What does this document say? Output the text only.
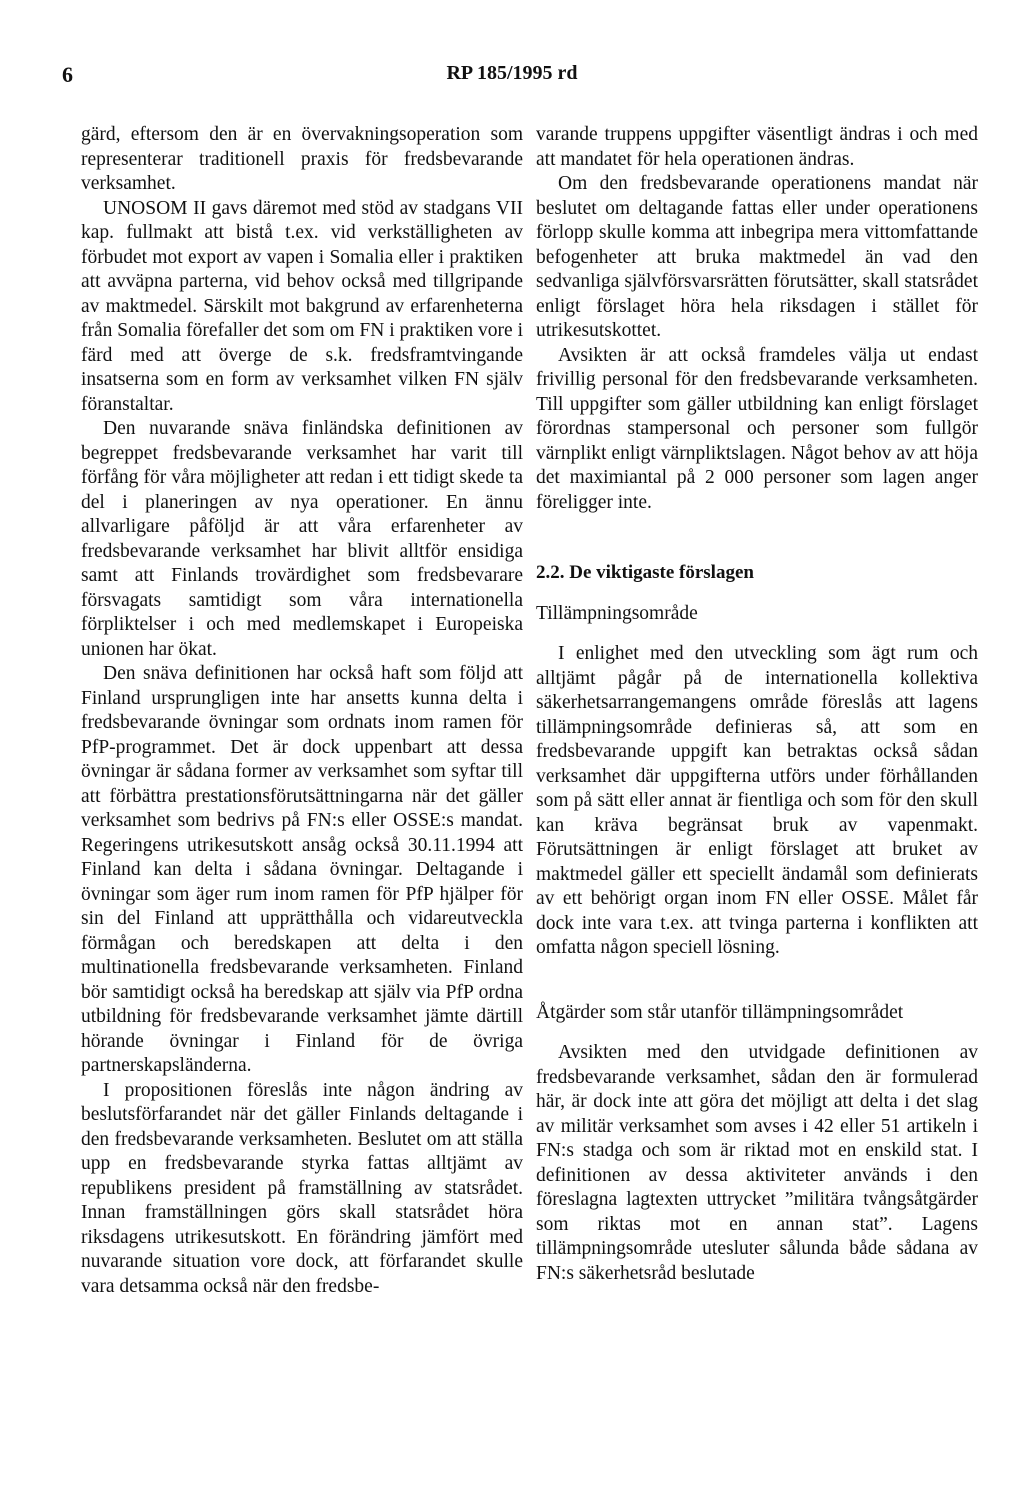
6	RP 185/1995 rd

gärd, eftersom den är en övervakningsoperation som representerar traditionell praxis för fredsbevarande verksamhet.

UNOSOM II gavs däremot med stöd av stadgans VII kap. fullmakt att bistå t.ex. vid verkställigheten av förbudet mot export av vapen i Somalia eller i praktiken att avväpna parterna, vid behov också med tillgripande av maktmedel. Särskilt mot bakgrund av erfarenheterna från Somalia förefaller det som om FN i praktiken vore i färd med att överge de s.k. fredsframtvingande insatserna som en form av verksamhet vilken FN själv föranstaltar.

Den nuvarande snäva finländska definitionen av begreppet fredsbevarande verksamhet har varit till förfång för våra möjligheter att redan i ett tidigt skede ta del i planeringen av nya operationer. En ännu allvarligare påföljd är att våra erfarenheter av fredsbevarande verksamhet har blivit alltför ensidiga samt att Finlands trovärdighet som fredsbevarare försvagats samtidigt som våra internationella förpliktelser i och med medlemskapet i Europeiska unionen har ökat.

Den snäva definitionen har också haft som följd att Finland ursprungligen inte har ansetts kunna delta i fredsbevarande övningar som ordnats inom ramen för PfP-programmet. Det är dock uppenbart att dessa övningar är sådana former av verksamhet som syftar till att förbättra prestationsförutsättningarna när det gäller verksamhet som bedrivs på FN:s eller OSSE:s mandat. Regeringens utrikesutskott ansåg också 30.11.1994 att Finland kan delta i sådana övningar. Deltagande i övningar som äger rum inom ramen för PfP hjälper för sin del Finland att upprätthålla och vidareutveckla förmågan och beredskapen att delta i den multinationella fredsbevarande verksamheten. Finland bör samtidigt också ha beredskap att själv via PfP ordna utbildning för fredsbevarande verksamhet jämte därtill hörande övningar i Finland för de övriga partnerskapsländerna.

I propositionen föreslås inte någon ändring av beslutsförfarandet när det gäller Finlands deltagande i den fredsbevarande verksamheten. Beslutet om att ställa upp en fredsbevarande styrka fattas alltjämt av republikens president på framställning av statsrådet. Innan framställningen görs skall statsrådet höra riksdagens utrikesutskott. En förändring jämfört med nuvarande situation vore dock, att förfarandet skulle vara detsamma också när den fredsbe-

varande truppens uppgifter väsentligt ändras i och med att mandatet för hela operationen ändras.

Om den fredsbevarande operationens mandat när beslutet om deltagande fattas eller under operationens förlopp skulle komma att inbegripa mera vittomfattande befogenheter att bruka maktmedel än vad den sedvanliga självförsvarsrätten förutsätter, skall statsrådet enligt förslaget höra hela riksdagen i stället för utrikesutskottet.

Avsikten är att också framdeles välja ut endast frivillig personal för den fredsbevarande verksamheten. Till uppgifter som gäller utbildning kan enligt förslaget förordnas stampersonal och personer som fullgör värnplikt enligt värnpliktslagen. Något behov av att höja det maximiantal på 2 000 personer som lagen anger föreligger inte.

2.2. De viktigaste förslagen
Tillämpningsområde

I enlighet med den utveckling som ägt rum och alltjämt pågår på de internationella kollektiva säkerhetsarrangemangens område föreslås att lagens tillämpningsområde definieras så, att som en fredsbevarande uppgift kan betraktas också sådan verksamhet där uppgifterna utförs under förhållanden som på sätt eller annat är fientliga och som för den skull kan kräva begränsat bruk av vapenmakt. Förutsättningen är enligt förslaget att bruket av maktmedel gäller ett speciellt ändamål som definierats av ett behörigt organ inom FN eller OSSE. Målet får dock inte vara t.ex. att tvinga parterna i konflikten att omfatta någon speciell lösning.

Åtgärder som står utanför tillämpningsområdet

Avsikten med den utvidgade definitionen av fredsbevarande verksamhet, sådan den är formulerad här, är dock inte att göra det möjligt att delta i det slag av militär verksamhet som avses i 42 eller 51 artikeln i FN:s stadga och som är riktad mot en enskild stat. I definitionen av dessa aktiviteter används i den föreslagna lagtexten uttrycket ”militära tvångsåtgärder som riktas mot en annan stat”. Lagens tillämpningsområde utesluter sålunda både sådana av FN:s säkerhetsråd beslutade
